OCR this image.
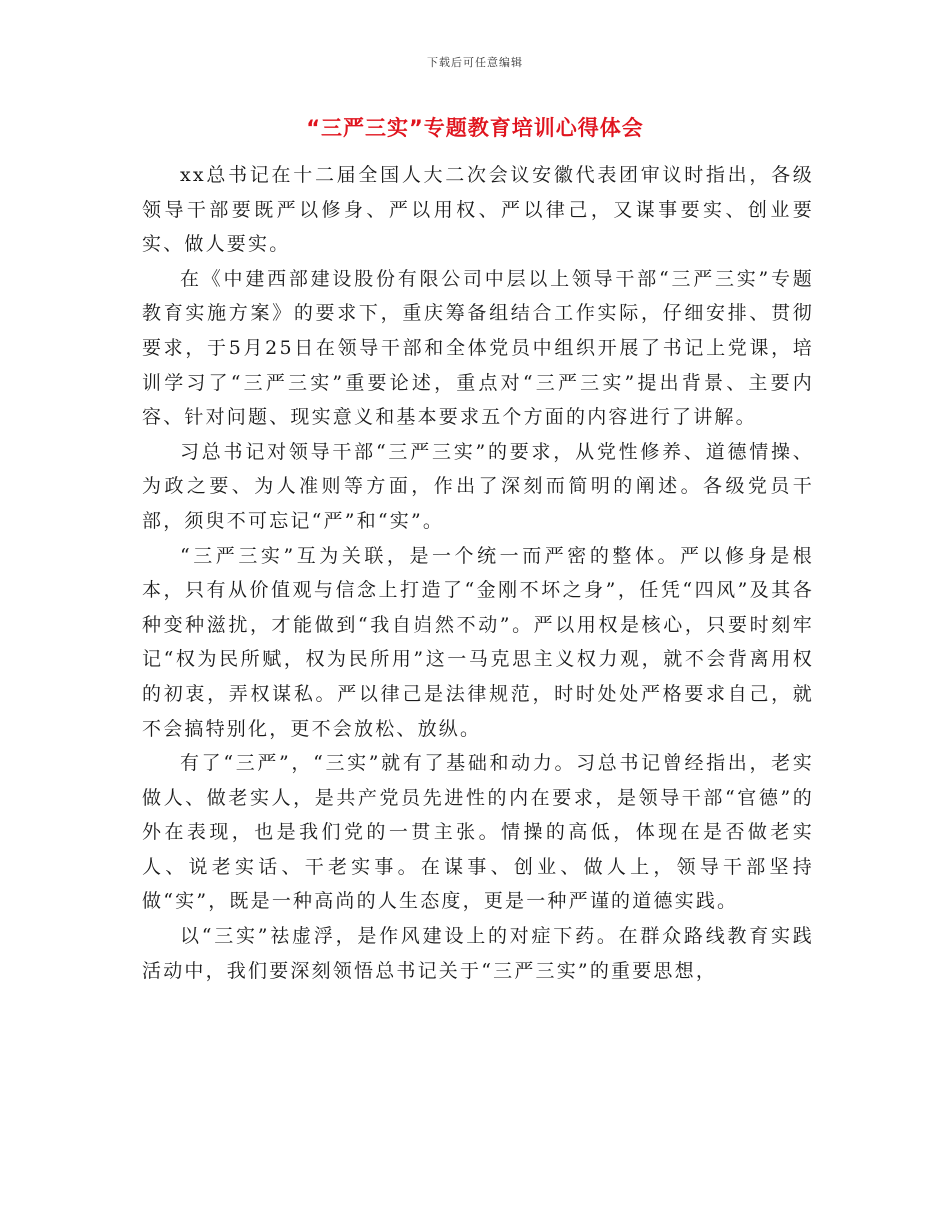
下载后可任意编辑
“三严三实”专题教育培训心得体会

xx总书记在十二届全国人大二次会议安徽代表团审议时指出，各级领导干部要既严以修身、严以用权、严以律己，又谋事要实、创业要实、做人要实。

在《中建西部建设股份有限公司中层以上领导干部“三严三实”专题教育实施方案》的要求下，重庆筹备组结合工作实际，仔细安排、贯彻要求，于5月25日在领导干部和全体党员中组织开展了书记上党课，培训学习了“三严三实”重要论述，重点对“三严三实”提出背景、主要内容、针对问题、现实意义和基本要求五个方面的内容进行了讲解。

习总书记对领导干部“三严三实”的要求，从党性修养、道德情操、为政之要、为人准则等方面，作出了深刻而简明的阐述。各级党员干部，须臾不可忘记“严”和“实”。

“三严三实”互为关联，是一个统一而严密的整体。严以修身是根本，只有从价值观与信念上打造了“金刚不坏之身”，任凭“四风”及其各种变种滋扰，才能做到“我自岿然不动”。严以用权是核心，只要时刻牢记“权为民所赋，权为民所用”这一马克思主义权力观，就不会背离用权的初衷，弄权谋私。严以律己是法律规范，时时处处严格要求自己，就不会搞特别化，更不会放松、放纵。

有了“三严”，“三实”就有了基础和动力。习总书记曾经指出，老实做人、做老实人，是共产党员先进性的内在要求，是领导干部“官德”的外在表现，也是我们党的一贯主张。情操的高低，体现在是否做老实人、说老实话、干老实事。在谋事、创业、做人上，领导干部坚持做“实”，既是一种高尚的人生态度，更是一种严谨的道德实践。

以“三实”祛虚浮，是作风建设上的对症下药。在群众路线教育实践活动中，我们要深刻领悟总书记关于“三严三实”的重要思想，
